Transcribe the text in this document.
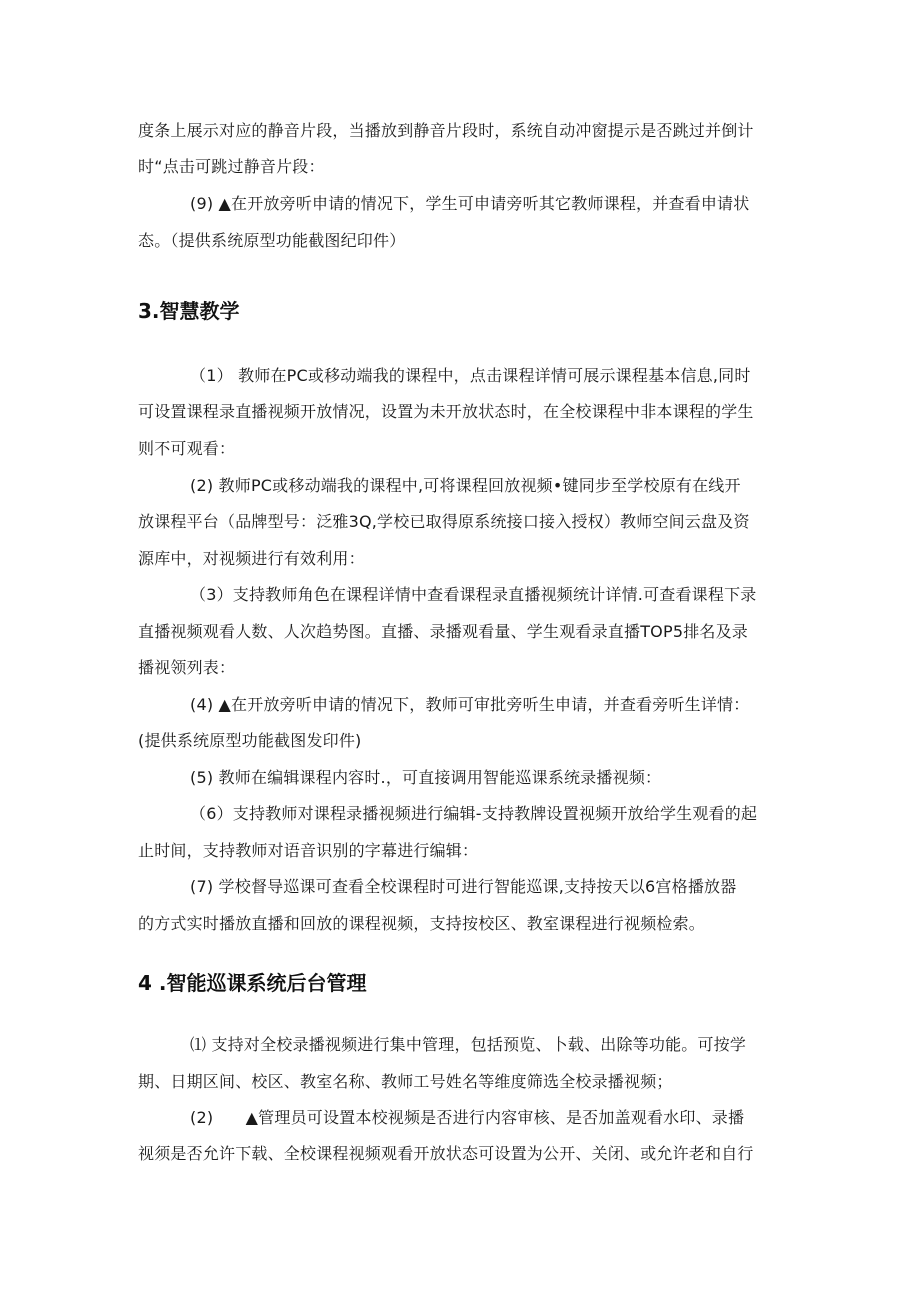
度条上展示对应的静音片段，当播放到静音片段时，系统自动冲窗提示是否跳过并倒计
时“点击可跳过静音片段：
(9) ▲在开放旁听申请的情况下，学生可申请旁听其它教师课程，并查看申请状
态。（提供系统原型功能截图纪印件）
3.智慧教学
（1） 教师在PC或移动端我的课程中，点击课程详情可展示课程基本信息,同时
可设置课程录直播视频开放情况，设置为未开放状态时，在全校课程中非本课程的学生
则不可观看：
(2) 教师PC或移动端我的课程中,可将课程回放视频•键同步至学校原有在线开
放课程平台（品牌型号：泛雅3Q,学校已取得原系统接口接入授权）教师空间云盘及资
源库中，对视频进行有效利用：
（3）支持教师角色在课程详情中查看课程录直播视频统计详情.可查看课程下录
直播视频观看人数、人次趋势图。直播、录播观看量、学生观看录直播TOP5排名及录
播视领列表：
(4) ▲在开放旁听申请的情况下，教师可审批旁听生申请，并查看旁听生详情：
(提供系统原型功能截图发印件)
(5) 教师在编辑课程内容时.，可直接调用智能巡课系统录播视频：
（6）支持教师对课程录播视频进行编辑-支持教牌设置视频开放给学生观看的起
止时间，支持教师对语音识别的字幕进行编辑：
(7) 学校督导巡课可查看全校课程时可进行智能巡课,支持按天以6宫格播放器
的方式实时播放直播和回放的课程视频，支持按校区、教室课程进行视频检索。
4 .智能巡课系统后台管理
⑴ 支持对全校录播视频进行集中管理，包括预览、卜载、出除等功能。可按学
期、日期区间、校区、教室名称、教师工号姓名等维度筛选全校录播视频；
(2)　　▲管理员可设置本校视频是否进行内容审核、是否加盖观看水印、录播
视须是否允许下载、全校课程视频观看开放状态可设置为公开、关闭、或允许老和自行
